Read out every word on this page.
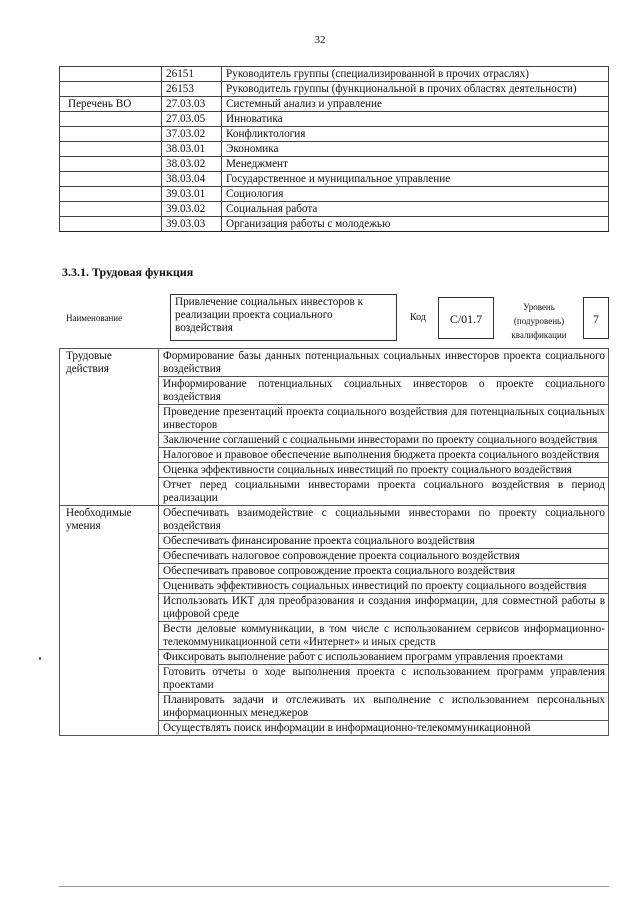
32
	26151	Руководитель группы (специализированной в прочих отраслях)
	26153	Руководитель группы (функциональной в прочих областях деятельности)
Перечень ВО	27.03.03	Системный анализ и управление
	27.03.05	Инноватика
	37.03.02	Конфликтология
	38.03.01	Экономика
	38.03.02	Менеджмент
	38.03.04	Государственное и муниципальное управление
	39.03.01	Социология
	39.03.02	Социальная работа
	39.03.03	Организация работы с молодежью
3.3.1. Трудовая функция
Наименование
Привлечение социальных инвесторов к реализации проекта социального воздействия
Код	С/01.7
Уровень (подуровень) квалификации
7
Трудовые действия	Формирование базы данных потенциальных социальных инвесторов проекта социального воздействия
	Информирование потенциальных социальных инвесторов о проекте социального воздействия
	Проведение презентаций проекта социального воздействия для потенциальных социальных инвесторов
	Заключение соглашений с социальными инвесторами по проекту социального воздействия
	Налоговое и правовое обеспечение выполнения бюджета проекта социального воздействия
	Оценка эффективности социальных инвестиций по проекту социального воздействия
	Отчет перед социальными инвесторами проекта социального воздействия в период реализации
Необходимые умения	Обеспечивать взаимодействие с социальными инвесторами по проекту социального воздействия
	Обеспечивать финансирование проекта социального воздействия
	Обеспечивать налоговое сопровождение проекта социального воздействия
	Обеспечивать правовое сопровождение проекта социального воздействия
	Оценивать эффективность социальных инвестиций по проекту социального воздействия
	Использовать ИКТ для преобразования и создания информации, для совместной работы в цифровой среде
	Вести деловые коммуникации, в том числе с использованием сервисов информационно-телекоммуникационной сети «Интернет» и иных средств
	Фиксировать выполнение работ с использованием программ управления проектами
	Готовить отчеты о ходе выполнения проекта с использованием программ управления проектами
	Планировать задачи и отслеживать их выполнение с использованием персональных информационных менеджеров
	Осуществлять поиск информации в информационно-телекоммуникационной
